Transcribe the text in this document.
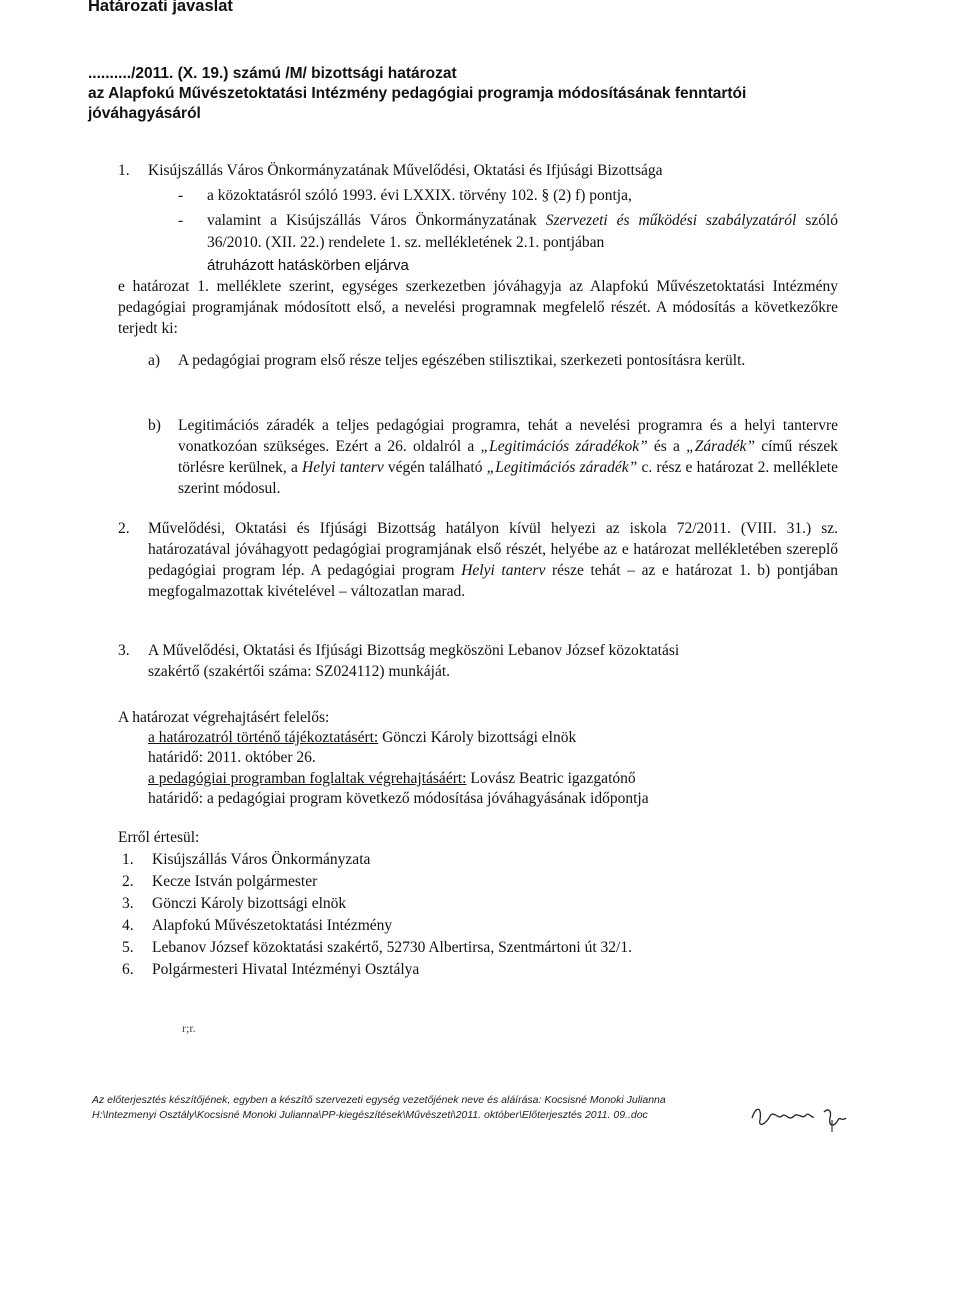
Határozati javaslat
........../2011. (X. 19.) számú /M/ bizottsági határozat
az Alapfokú Művészetoktatási Intézmény pedagógiai programja módosításának fenntartói
jóváhagyásáról
1. Kisújszállás Város Önkormányzatának Művelődési, Oktatási és Ifjúsági Bizottsága
- a közoktatásról szóló 1993. évi LXXIX. törvény 102. § (2) f) pontja,
- valamint a Kisújszállás Város Önkormányzatának Szervezeti és működési szabályzatáról szóló 36/2010. (XII. 22.) rendelete 1. sz. mellékletének 2.1. pontjában
átruházott hatáskörben eljárva
e határozat 1. melléklete szerint, egységes szerkezetben jóváhagyja az Alapfokú Művészetoktatási Intézmény pedagógiai programjának módosított első, a nevelési programnak megfelelő részét. A módosítás a következőkre terjedt ki:
a) A pedagógiai program első része teljes egészében stilisztikai, szerkezeti pontosításra került.
b) Legitimációs záradék a teljes pedagógiai programra, tehát a nevelési programra és a helyi tantervre vonatkozóan szükséges. Ezért a 26. oldalról a „Legitimációs záradékok” és a „Záradék” című részek törlésre kerülnek, a Helyi tanterv végén található „Legitimációs záradék” c. rész e határozat 2. melléklete szerint módosul.
2. Művelődési, Oktatási és Ifjúsági Bizottság hatályon kívül helyezi az iskola 72/2011. (VIII. 31.) sz. határozatával jóváhagyott pedagógiai programjának első részét, helyébe az e határozat mellékletében szereplő pedagógiai program lép. A pedagógiai program Helyi tanterv része tehát – az e határozat 1. b) pontjában megfogalmazottak kivételével – változatlan marad.
3. A Művelődési, Oktatási és Ifjúsági Bizottság megköszöni Lebanov József közoktatási szakértő (szakértői száma: SZ024112) munkáját.
A határozat végrehajtásért felelős:
a határozatról történő tájékoztatásért: Gönczi Károly bizottsági elnök
határidő: 2011. október 26.
a pedagógiai programban foglaltak végrehajtásáért: Lovász Beatric igazgatónő
határidő: a pedagógiai program következő módosítása jóváhagyásának időpontja
Erről értesül:
1. Kisújszállás Város Önkormányzata
2. Kecze István polgármester
3. Gönczi Károly bizottsági elnök
4. Alapfokú Művészetoktatási Intézmény
5. Lebanov József közoktatási szakértő, 52730 Albertirsa, Szentmártoni út 32/1.
6. Polgármesteri Hivatal Intézményi Osztálya
r;r.
Az előterjesztés készítőjének, egyben a készítő szervezeti egység vezetőjének neve és aláírása: Kocsisné Monoki Julianna
H:\Intezmenyi Osztály\Kocsisné Monoki Julianna\PP-kiegészítések\Művészeti\2011. október\Előterjesztés 2011. 09..doc
